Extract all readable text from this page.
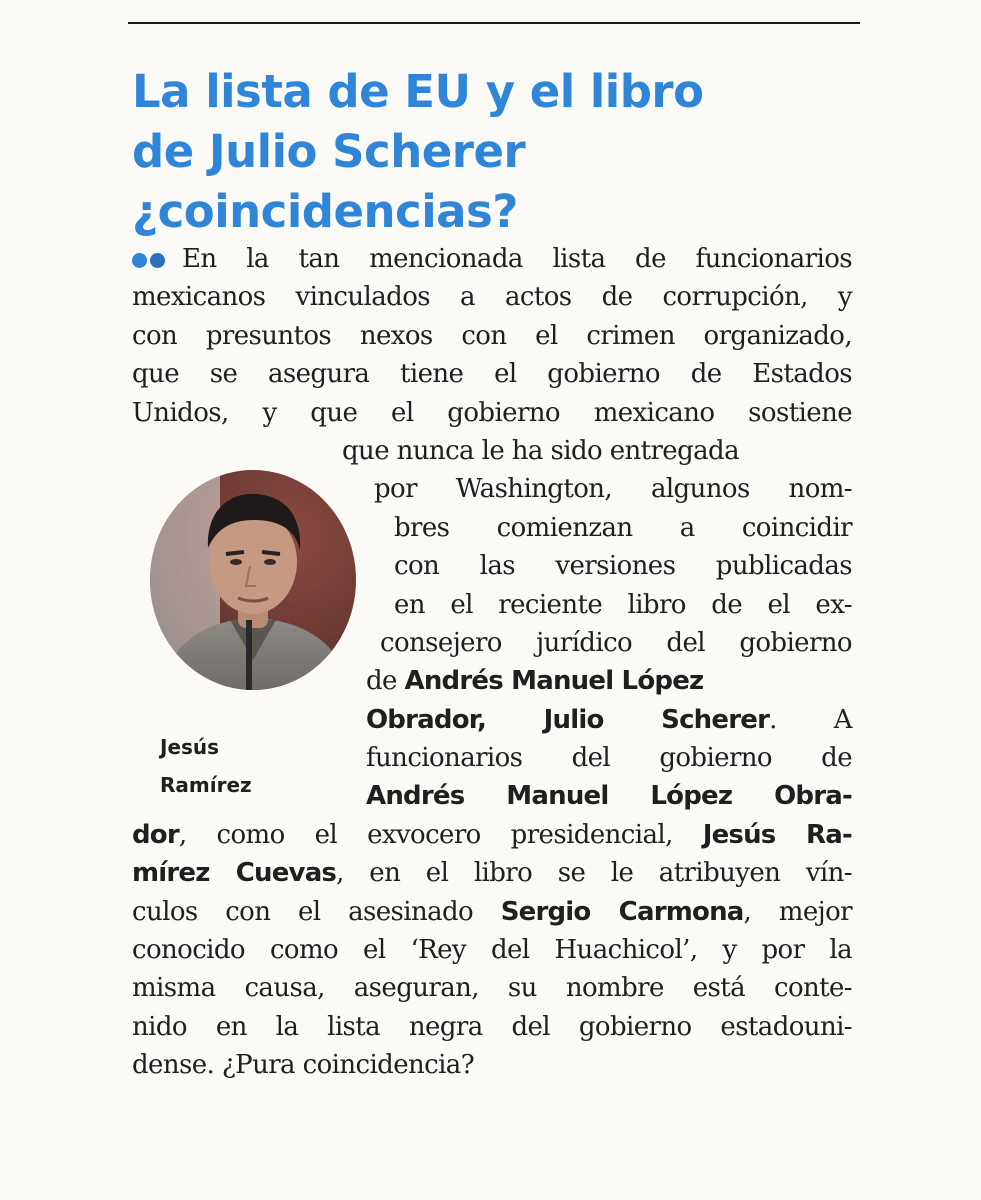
La lista de EU y el libro
de Julio Scherer
¿coincidencias?
Jesús
Ramírez
En la tan mencionada lista de funcionarios
mexicanos vinculados a actos de corrupción, y
con presuntos nexos con el crimen organizado,
que se asegura tiene el gobierno de Estados
Unidos, y que el gobierno mexicano sostiene
que nunca le ha sido entregada
por Washington, algunos nom-
bres comienzan a coincidir
con las versiones publicadas
en el reciente libro de el ex-
consejero jurídico del gobierno
de Andrés Manuel López
Obrador, Julio Scherer. A
funcionarios del gobierno de
Andrés Manuel López Obra-
dor, como el exvocero presidencial, Jesús Ra-
mírez Cuevas, en el libro se le atribuyen vín-
culos con el asesinado Sergio Carmona, mejor
conocido como el ‘Rey del Huachicol’, y por la
misma causa, aseguran, su nombre está conte-
nido en la lista negra del gobierno estadouni-
dense. ¿Pura coincidencia?
